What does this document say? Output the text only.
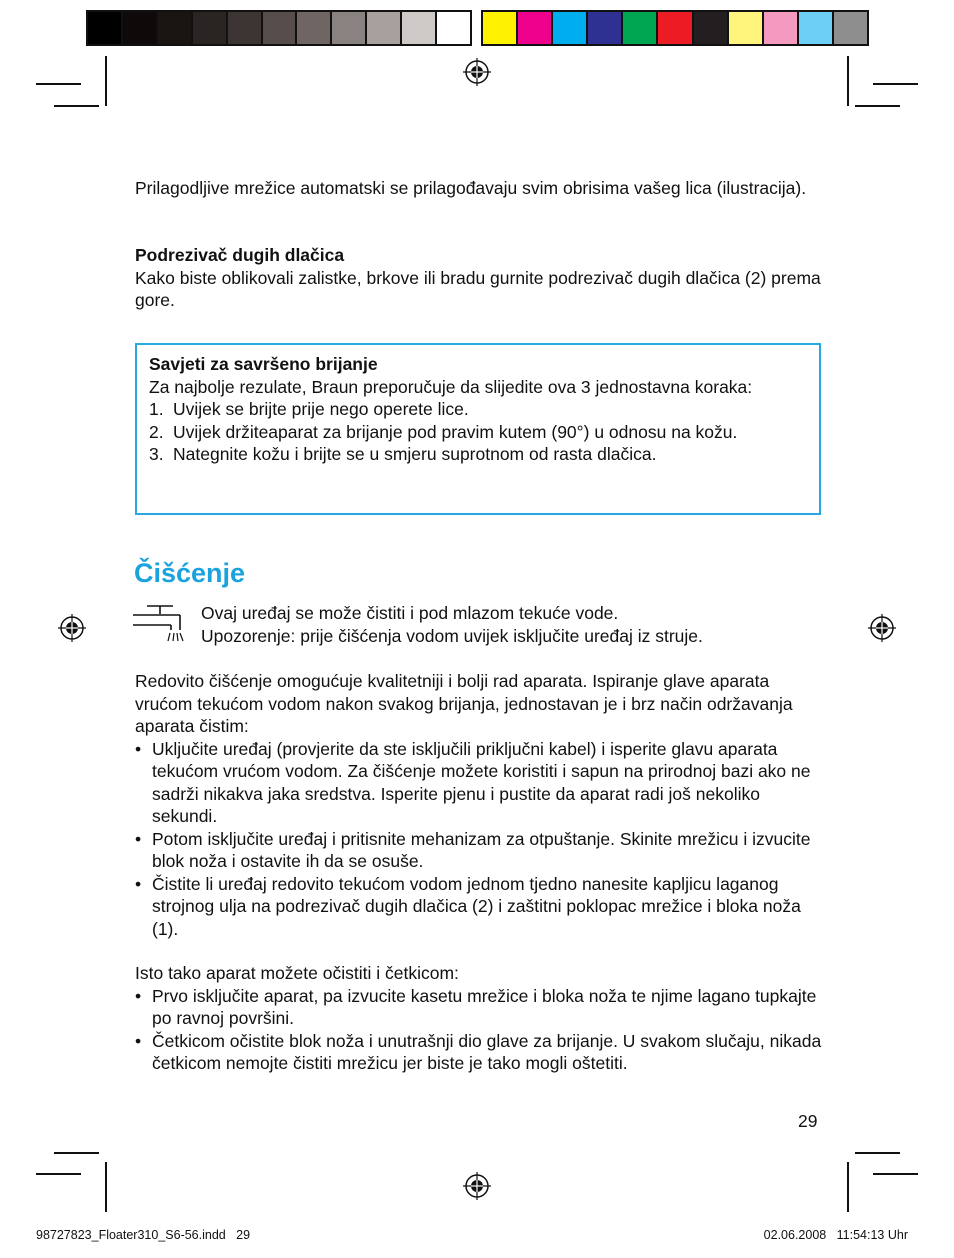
Prilagodljive mrežice automatski se prilagođavaju svim obrisima vašeg lica (ilustracija).

Podrezivač dugih dlačica

Kako biste oblikovali zalistke, brkove ili bradu gurnite podrezivač dugih dlačica (2) prema gore.

Savjeti za savršeno brijanje

Za najbolje rezulate, Braun preporučuje da slijedite ova 3 jednostavna koraka:

1. Uvijek se brijte prije nego operete lice.
2. Uvijek držiteaparat za brijanje pod pravim kutem (90°) u odnosu na kožu.
3. Nategnite kožu i brijte se u smjeru suprotnom od rasta dlačica.
Čišćenje

Ovaj uređaj se može čistiti i pod mlazom tekuće vode.

Upozorenje: prije čišćenja vodom uvijek isključite uređaj iz struje.

Redovito čišćenje omogućuje kvalitetniji i bolji rad aparata. Ispiranje glave aparata vrućom tekućom vodom nakon svakog brijanja, jednostavan je i brz način održavanja aparata čistim:

• Uključite uređaj (provjerite da ste isključili priključni kabel) i isperite glavu aparata tekućom vrućom vodom. Za čišćenje možete koristiti i sapun na prirodnoj bazi ako ne sadrži nikakva jaka sredstva. Isperite pjenu i pustite da aparat radi još nekoliko sekundi.
• Potom isključite uređaj i pritisnite mehanizam za otpuštanje. Skinite mrežicu i izvucite blok noža i ostavite ih da se osuše.
• Čistite li uređaj redovito tekućom vodom jednom tjedno nanesite kapljicu laganog strojnog ulja na podrezivač dugih dlačica (2) i zaštitni poklopac mrežice i bloka noža (1).

Isto tako aparat možete očistiti i četkicom:

• Prvo isključite aparat, pa izvucite kasetu mrežice i bloka noža te njime lagano tupkajte po ravnoj površini.
• Četkicom očistite blok noža i unutrašnji dio glave za brijanje. U svakom slučaju, nikada četkicom nemojte čistiti mrežicu jer biste je tako mogli oštetiti.
29
98727823_Floater310_S6-56.indd   29	02.06.2008   11:54:13 Uhr
